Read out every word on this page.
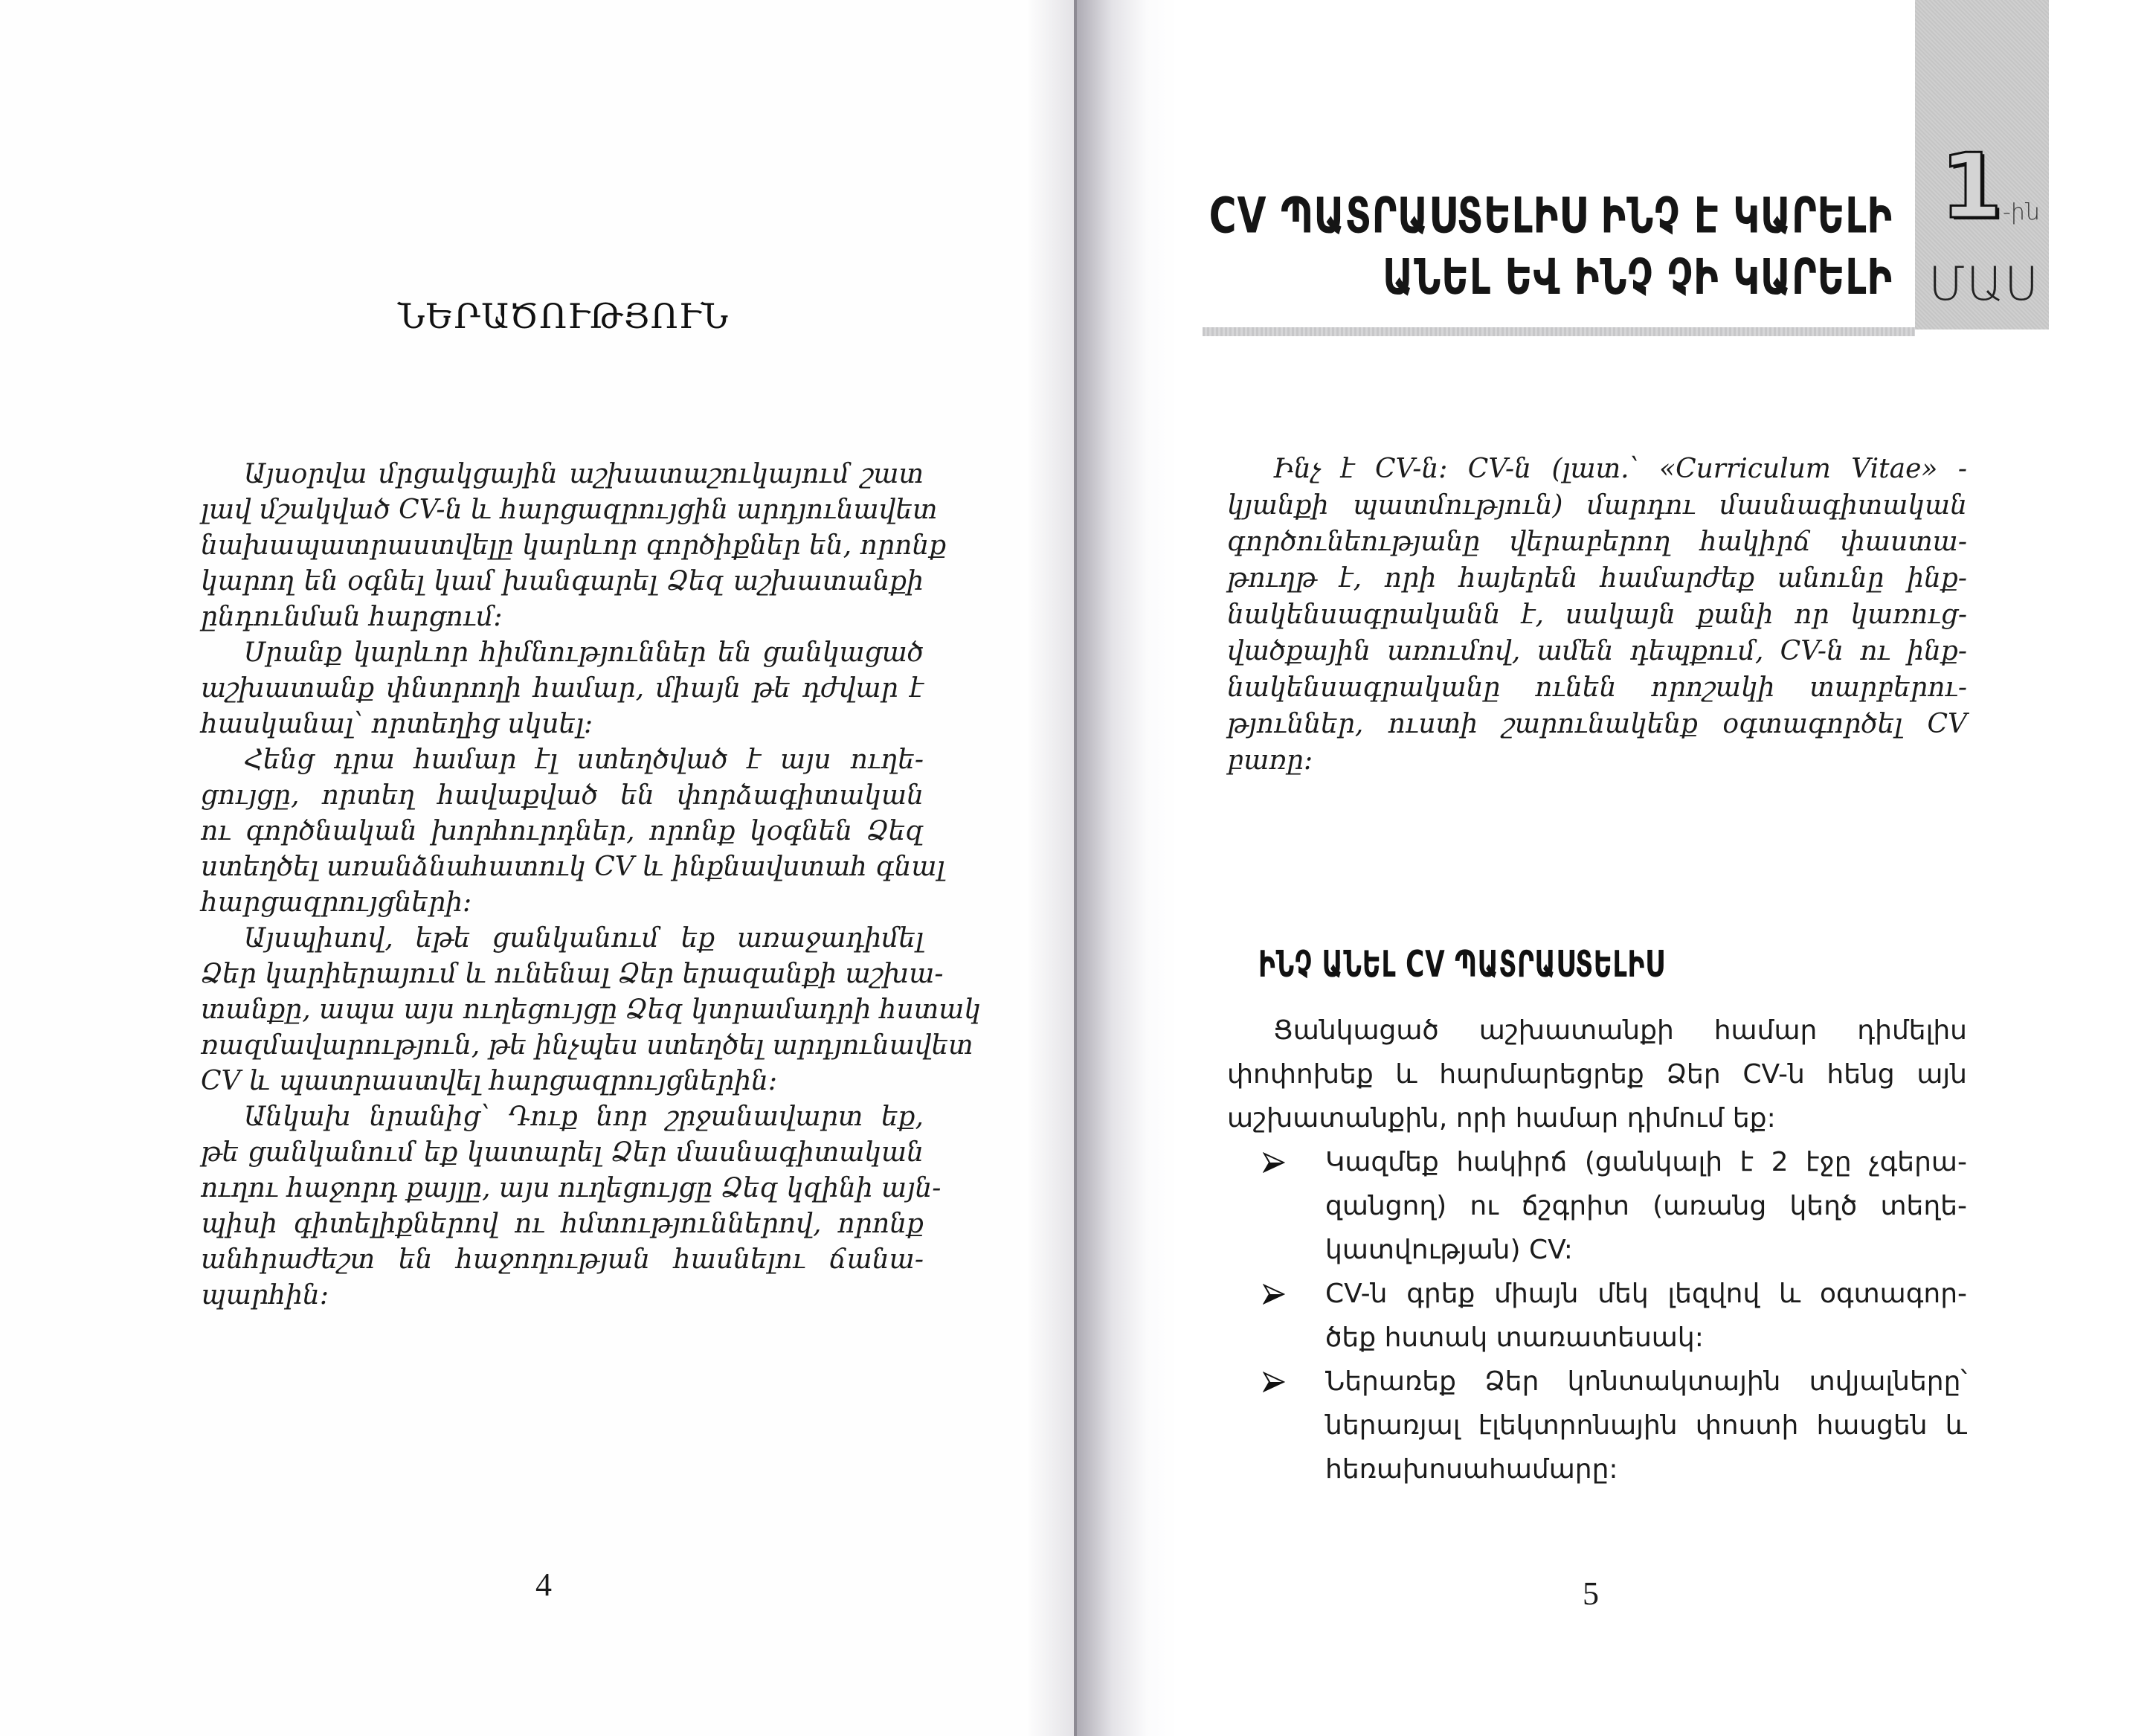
ՆԵՐԱԾՈՒԹՅՈՒՆ
Այսօրվա մրցակցային աշխատաշուկայում շատ
լավ մշակված CV-ն և հարցազրույցին արդյունավետ
նախապատրաստվելը կարևոր գործիքներ են, որոնք
կարող են օգնել կամ խանգարել Ձեզ աշխատանքի
ընդունման հարցում:
Սրանք կարևոր հիմնություններ են ցանկացած
աշխատանք փնտրողի համար, միայն թե դժվար է
հասկանալ՝ որտեղից սկսել:
Հենց դրա համար էլ ստեղծված է այս ուղե-
ցույցը, որտեղ հավաքված են փորձագիտական
ու գործնական խորհուրդներ, որոնք կօգնեն Ձեզ
ստեղծել առանձնահատուկ CV և ինքնավստահ գնալ
հարցազրույցների:
Այսպիսով, եթե ցանկանում եք առաջադիմել
Ձեր կարիերայում և ունենալ Ձեր երազանքի աշխա-
տանքը, ապա այս ուղեցույցը Ձեզ կտրամադրի հստակ
ռազմավարություն, թե ինչպես ստեղծել արդյունավետ
CV և պատրաստվել հարցազրույցներին:
Անկախ նրանից՝ Դուք նոր շրջանավարտ եք,
թե ցանկանում եք կատարել Ձեր մասնագիտական
ուղու հաջորդ քայլը, այս ուղեցույցը Ձեզ կզինի այն-
պիսի գիտելիքներով ու հմտություններով, որոնք
անհրաժեշտ են հաջողության հասնելու ճանա-
պարհին:
4
1 -ին
ՄԱՍ
CV ՊԱՏՐԱՍՏԵԼԻՍ ԻՆՉ Է ԿԱՐԵԼԻ
ԱՆԵԼ ԵՎ ԻՆՉ ՉԻ ԿԱՐԵԼԻ
Ինչ է CV-ն: CV-ն (լատ.՝ «Curriculum Vitae» -
կյանքի պատմություն) մարդու մասնագիտական
գործունեությանը վերաբերող հակիրճ փաստա-
թուղթ է, որի հայերեն համարժեք անունը ինք-
նակենսագրականն է, սակայն քանի որ կառուց-
վածքային առումով, ամեն դեպքում, CV-ն ու ինք-
նակենսագրականը ունեն որոշակի տարբերու-
թյուններ, ուստի շարունակենք օգտագործել CV
բառը:
ԻՆՉ ԱՆԵԼ CV ՊԱՏՐԱՍՏԵԼԻՍ
Ցանկացած աշխատանքի համար դիմելիս
փոփոխեք և հարմարեցրեք Ձեր CV-ն հենց այն
աշխատանքին, որի համար դիմում եք:
Կազմեք հակիրճ (ցանկալի է 2 էջը չգերա-
զանցող) ու ճշգրիտ (առանց կեղծ տեղե-
կատվության) CV:
CV-ն գրեք միայն մեկ լեզվով և օգտագոր-
ծեք հստակ տառատեսակ:
Ներառեք Ձեր կոնտակտային տվյալները՝
ներառյալ էլեկտրոնային փոստի հասցեն և
հեռախոսահամարը:
5
